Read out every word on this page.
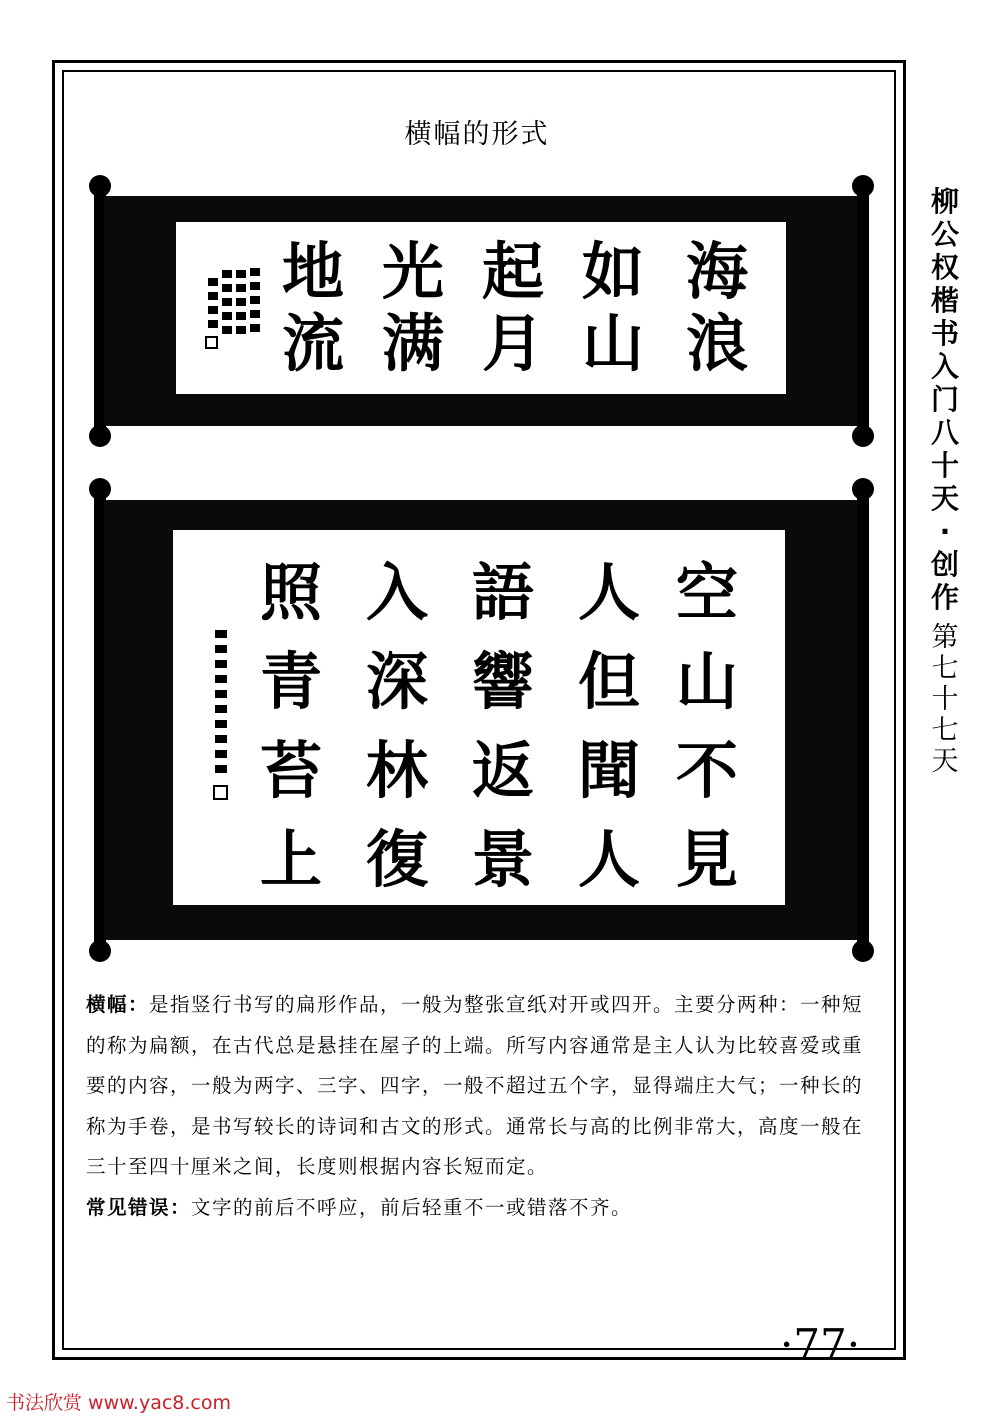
横幅的形式
海浪
如山
起月
光满
地流
空山不見
人但聞人
語響返景
入深林復
照青苔上

横幅：是指竖行书写的扁形作品，一般为整张宣纸对开或四开。主要分两种：一种短的称为扁额，在古代总是悬挂在屋子的上端。所写内容通常是主人认为比较喜爱或重要的内容，一般为两字、三字、四字，一般不超过五个字，显得端庄大气；一种长的称为手卷，是书写较长的诗词和古文的形式。通常长与高的比例非常大，高度一般在三十至四十厘米之间，长度则根据内容长短而定。

常见错误：文字的前后不呼应，前后轻重不一或错落不齐。

柳
公
权
楷
书
入
门
八
十
天
·
创
作
第
七
十
七
天
·77·
书法欣赏 www.yac8.com
